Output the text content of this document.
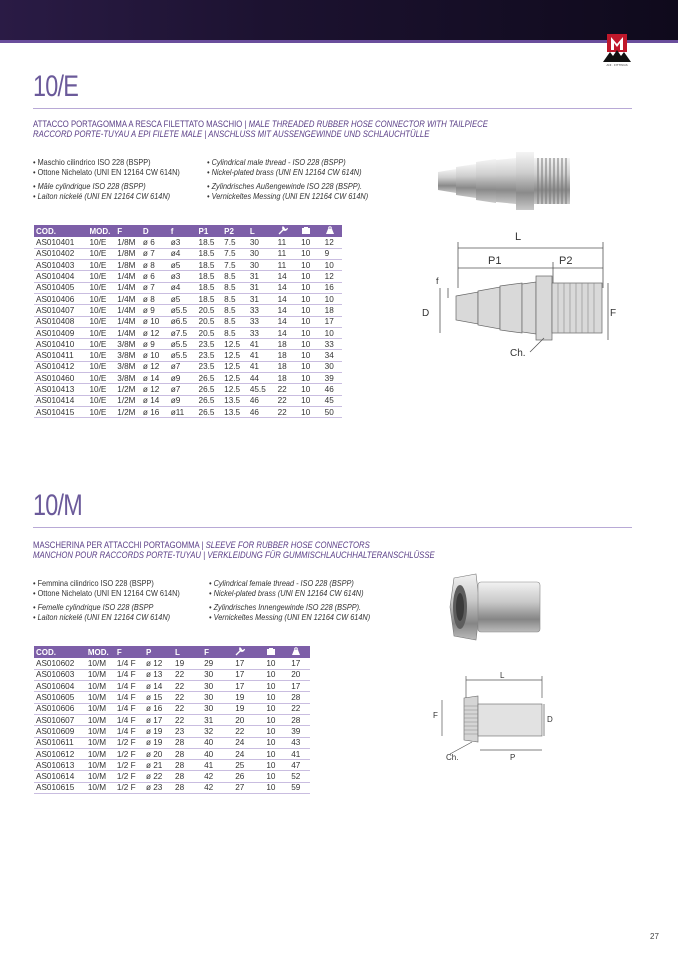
ANI · FITTINGS
10/E
ATTACCO PORTAGOMMA A RESCA FILETTATO MASCHIO | MALE THREADED RUBBER HOSE CONNECTOR WITH TAILPIECE
RACCORD PORTE-TUYAU A EPI FILETE MALE | ANSCHLUSS MIT AUSSENGEWINDE UND SCHLAUCHTÜLLE
• Maschio cilindrico ISO 228 (BSPP)
• Ottone Nichelato (UNI EN 12164 CW 614N)
• Mâle cylindrique ISO 228 (BSPP)
• Laiton nickelé (UNI EN 12164 CW 614N)
• Cylindrical male thread - ISO 228 (BSPP)
• Nickel-plated brass (UNI EN 12164 CW 614N)
• Zylindrisches Außengewinde ISO 228 (BSPP).
• Vernickeltes Messing (UNI EN 12164 CW 614N)
L
P1	P2
f
D	F
Ch.
COD.	MOD.	F	D	f	P1	P2	L			
AS010401	10/E	1/8M	ø 6	ø3	18.5	7.5	30	11	10	12
AS010402	10/E	1/8M	ø 7	ø4	18.5	7.5	30	11	10	9
AS010403	10/E	1/8M	ø 8	ø5	18.5	7.5	30	11	10	10
AS010404	10/E	1/4M	ø 6	ø3	18.5	8.5	31	14	10	12
AS010405	10/E	1/4M	ø 7	ø4	18.5	8.5	31	14	10	16
AS010406	10/E	1/4M	ø 8	ø5	18.5	8.5	31	14	10	10
AS010407	10/E	1/4M	ø 9	ø5.5	20.5	8.5	33	14	10	18
AS010408	10/E	1/4M	ø 10	ø6.5	20.5	8.5	33	14	10	17
AS010409	10/E	1/4M	ø 12	ø7.5	20.5	8.5	33	14	10	10
AS010410	10/E	3/8M	ø 9	ø5.5	23.5	12.5	41	18	10	33
AS010411	10/E	3/8M	ø 10	ø5.5	23.5	12.5	41	18	10	34
AS010412	10/E	3/8M	ø 12	ø7	23.5	12.5	41	18	10	30
AS010460	10/E	3/8M	ø 14	ø9	26.5	12.5	44	18	10	39
AS010413	10/E	1/2M	ø 12	ø7	26.5	12.5	45.5	22	10	46
AS010414	10/E	1/2M	ø 14	ø9	26.5	13.5	46	22	10	45
AS010415	10/E	1/2M	ø 16	ø11	26.5	13.5	46	22	10	50
10/M
MASCHERINA PER ATTACCHI PORTAGOMMA | SLEEVE FOR RUBBER HOSE CONNECTORS
MANCHON POUR RACCORDS PORTE-TUYAU | VERKLEIDUNG FÜR GUMMISCHLAUCHHALTERANSCHLÜSSE
• Femmina cilindrico ISO 228 (BSPP)
• Ottone Nichelato (UNI EN 12164 CW 614N)
• Femelle cylindrique ISO 228 (BSPP
• Laiton nickelé (UNI EN 12164 CW 614N)
• Cylindrical female thread - ISO 228 (BSPP)
• Nickel-plated brass (UNI EN 12164 CW 614N)
• Zylindrisches Innengewinde ISO 228 (BSPP).
• Vernickeltes Messing (UNI EN 12164 CW 614N)
L
F	D
Ch.	P
COD.	MOD.	F	P	L	F			
AS010602	10/M	1/4 F	ø 12	19	29	17	10	17
AS010603	10/M	1/4 F	ø 13	22	30	17	10	20
AS010604	10/M	1/4 F	ø 14	22	30	17	10	17
AS010605	10/M	1/4 F	ø 15	22	30	19	10	28
AS010606	10/M	1/4 F	ø 16	22	30	19	10	22
AS010607	10/M	1/4 F	ø 17	22	31	20	10	28
AS010609	10/M	1/4 F	ø 19	23	32	22	10	39
AS010611	10/M	1/2 F	ø 19	28	40	24	10	43
AS010612	10/M	1/2 F	ø 20	28	40	24	10	41
AS010613	10/M	1/2 F	ø 21	28	41	25	10	47
AS010614	10/M	1/2 F	ø 22	28	42	26	10	52
AS010615	10/M	1/2 F	ø 23	28	42	27	10	59
27
